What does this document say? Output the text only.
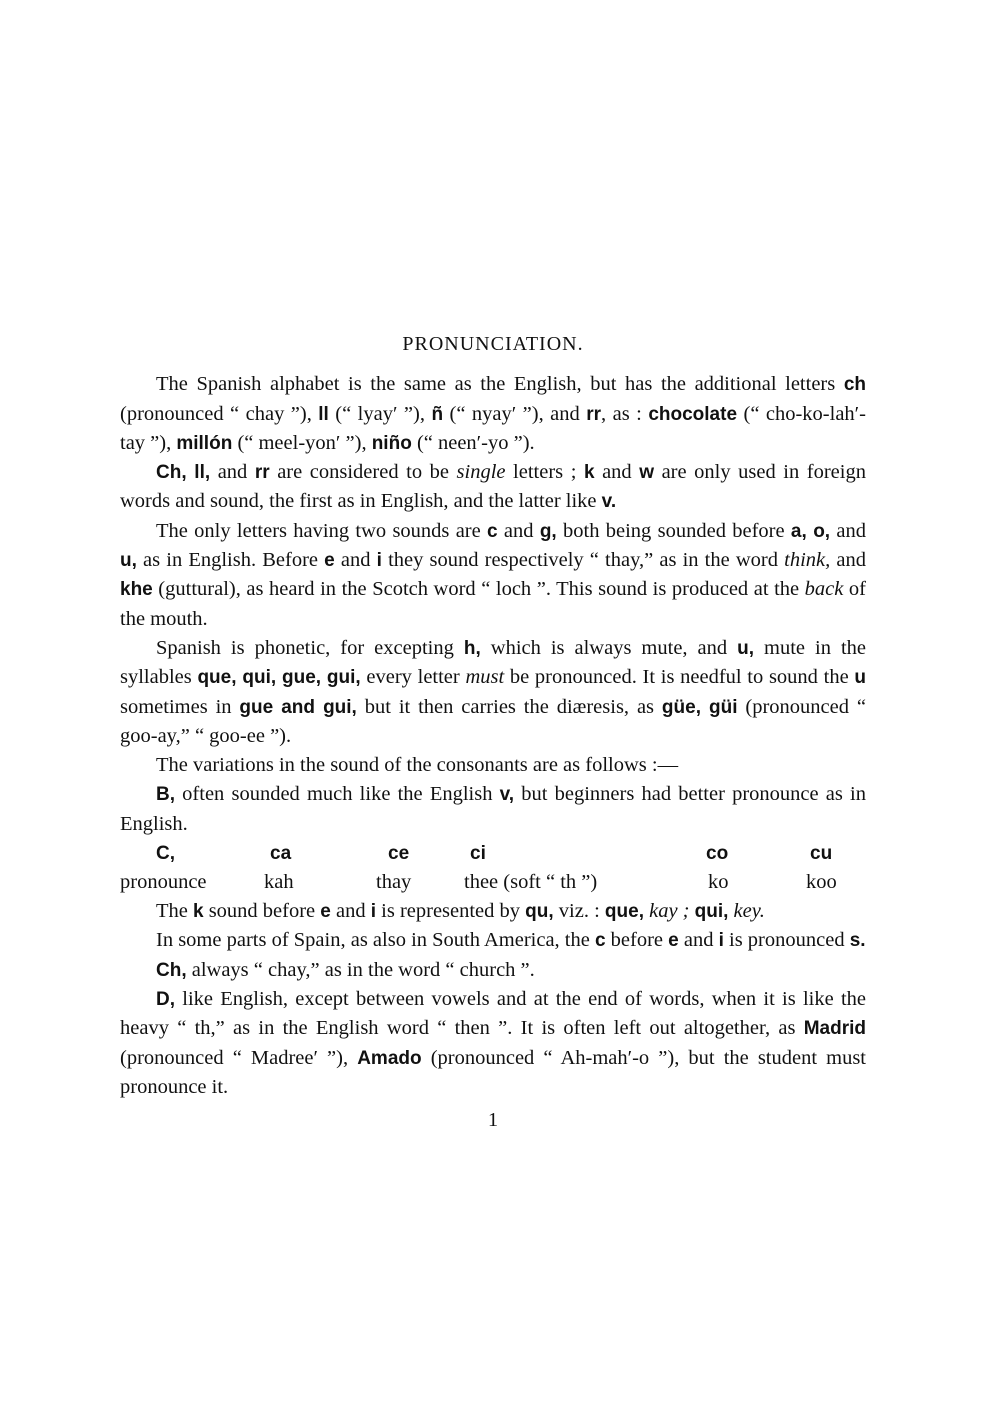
PRONUNCIATION.

The Spanish alphabet is the same as the English, but has the additional letters ch (pronounced “ chay ”), ll (“ lyay′ ”), ñ (“ nyay′ ”), and rr, as : chocolate (“ cho-ko-lah′-tay ”), millón (“ meel-yon′ ”), niño (“ neen′-yo ”).

Ch, ll, and rr are considered to be single letters ; k and w are only used in foreign words and sound, the first as in English, and the latter like v.

The only letters having two sounds are c and g, both being sounded before a, o, and u, as in English. Before e and i they sound respectively “ thay,” as in the word think, and khe (guttural), as heard in the Scotch word “ loch ”. This sound is produced at the back of the mouth.

Spanish is phonetic, for excepting h, which is always mute, and u, mute in the syllables que, qui, gue, gui, every letter must be pronounced. It is needful to sound the u sometimes in gue and gui, but it then carries the diæresis, as güe, güi (pronounced “ goo-ay,” “ goo-ee ”).

The variations in the sound of the consonants are as follows :—

B, often sounded much like the English v, but beginners had better pronounce as in English.

C,	ca	ce	ci	co	cu
pronounce	kah	thay	thee (soft “ th ”)	ko	koo

The k sound before e and i is represented by qu, viz. : que, kay ; qui, key.

In some parts of Spain, as also in South America, the c before e and i is pronounced s.

Ch, always “ chay,” as in the word “ church ”.

D, like English, except between vowels and at the end of words, when it is like the heavy “ th,” as in the English word “ then ”. It is often left out altogether, as Madrid (pronounced “ Madree′ ”), Amado (pronounced “ Ah-mah′-o ”), but the student must pronounce it.

1
